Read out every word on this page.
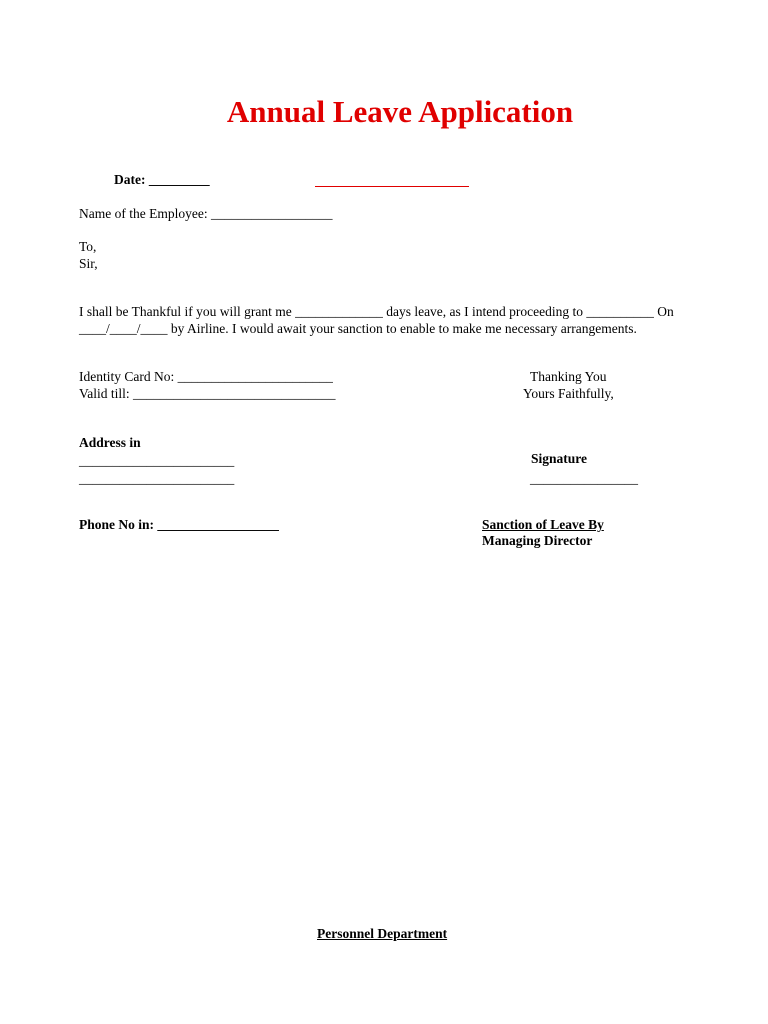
Annual Leave Application
Date: _________
Name of the Employee: __________________
To,
Sir,
I shall be Thankful if you will grant me _____________ days leave, as I intend proceeding to __________ On
____/____/____ by Airline. I would await your sanction to enable to make me necessary arrangements.
Identity Card No: _______________________
Valid till: ______________________________
Thanking You
Yours Faithfully,
Address in
_______________________
_______________________
Signature
________________
Phone No in: __________________	Sanction of Leave By
Managing Director
Personnel Department
